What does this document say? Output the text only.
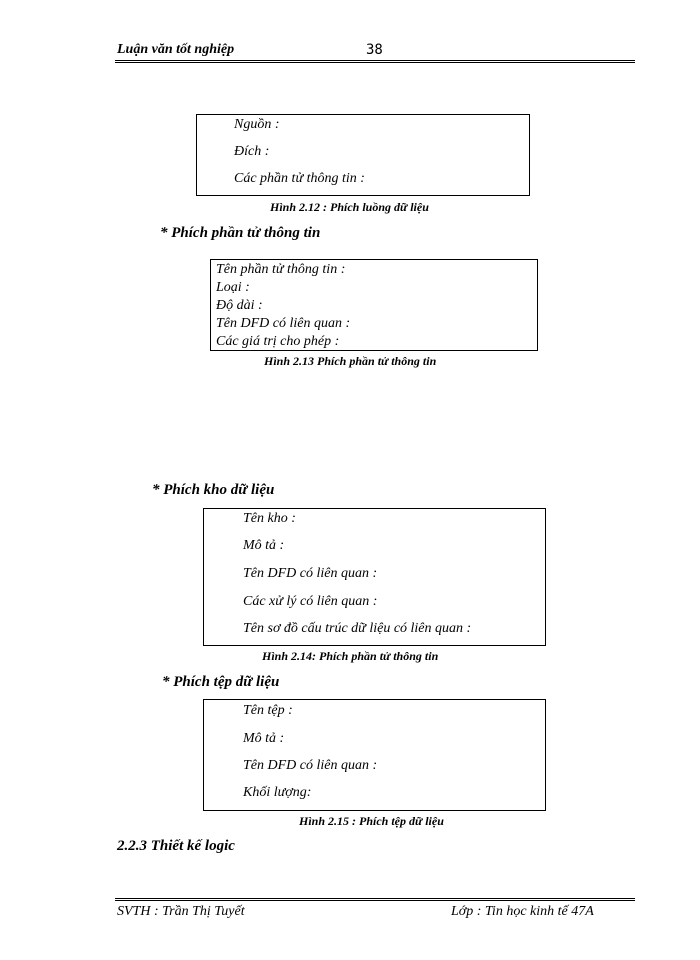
Luận văn tốt nghiệp	38
Nguồn :
Đích :
Các phần tử thông tin :
Hình 2.12 : Phích luồng dữ liệu
* Phích phần tử thông tin
Tên phần tử thông tin :
Loại :
Độ dài :
Tên DFD có liên quan :
Các giá trị cho phép :
Hình 2.13 Phích phần tử thông tin
* Phích kho dữ liệu
Tên kho :
Mô tả :
Tên DFD có liên quan :
Các xử lý có liên quan :
Tên sơ đồ cấu trúc dữ liệu có liên quan :
Hình 2.14: Phích phần tử thông tin
* Phích tệp dữ liệu
Tên tệp :
Mô tả :
Tên DFD có liên quan :
Khối lượng:
Hình 2.15 : Phích tệp dữ liệu
2.2.3 Thiết kế logic
SVTH : Trần Thị Tuyết	Lớp : Tin học kinh tế 47A
